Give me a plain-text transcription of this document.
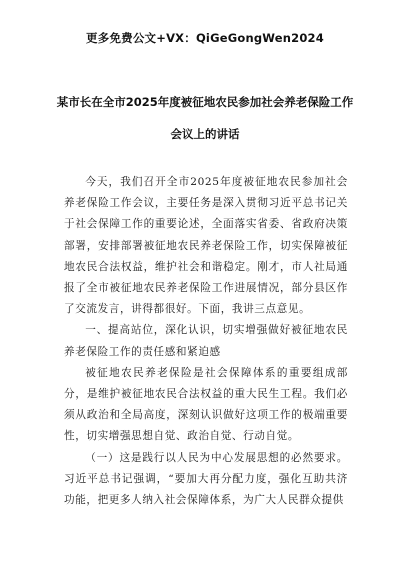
更多免费公文+VX：QiGeGongWen2024
某市长在全市2025年度被征地农民参加社会养老保险工作
会议上的讲话

今天，我们召开全市2025年度被征地农民参加社会养老保险工作会议，主要任务是深入贯彻习近平总书记关于社会保障工作的重要论述，全面落实省委、省政府决策部署，安排部署被征地农民养老保险工作，切实保障被征地农民合法权益，维护社会和谐稳定。刚才，市人社局通报了全市被征地农民养老保险工作进展情况，部分县区作了交流发言，讲得都很好。下面，我讲三点意见。

一、提高站位，深化认识，切实增强做好被征地农民养老保险工作的责任感和紧迫感

被征地农民养老保险是社会保障体系的重要组成部分，是维护被征地农民合法权益的重大民生工程。我们必须从政治和全局高度，深刻认识做好这项工作的极端重要性，切实增强思想自觉、政治自觉、行动自觉。

（一）这是践行以人民为中心发展思想的必然要求。习近平总书记强调，“要加大再分配力度，强化互助共济功能，把更多人纳入社会保障体系，为广大人民群众提供
